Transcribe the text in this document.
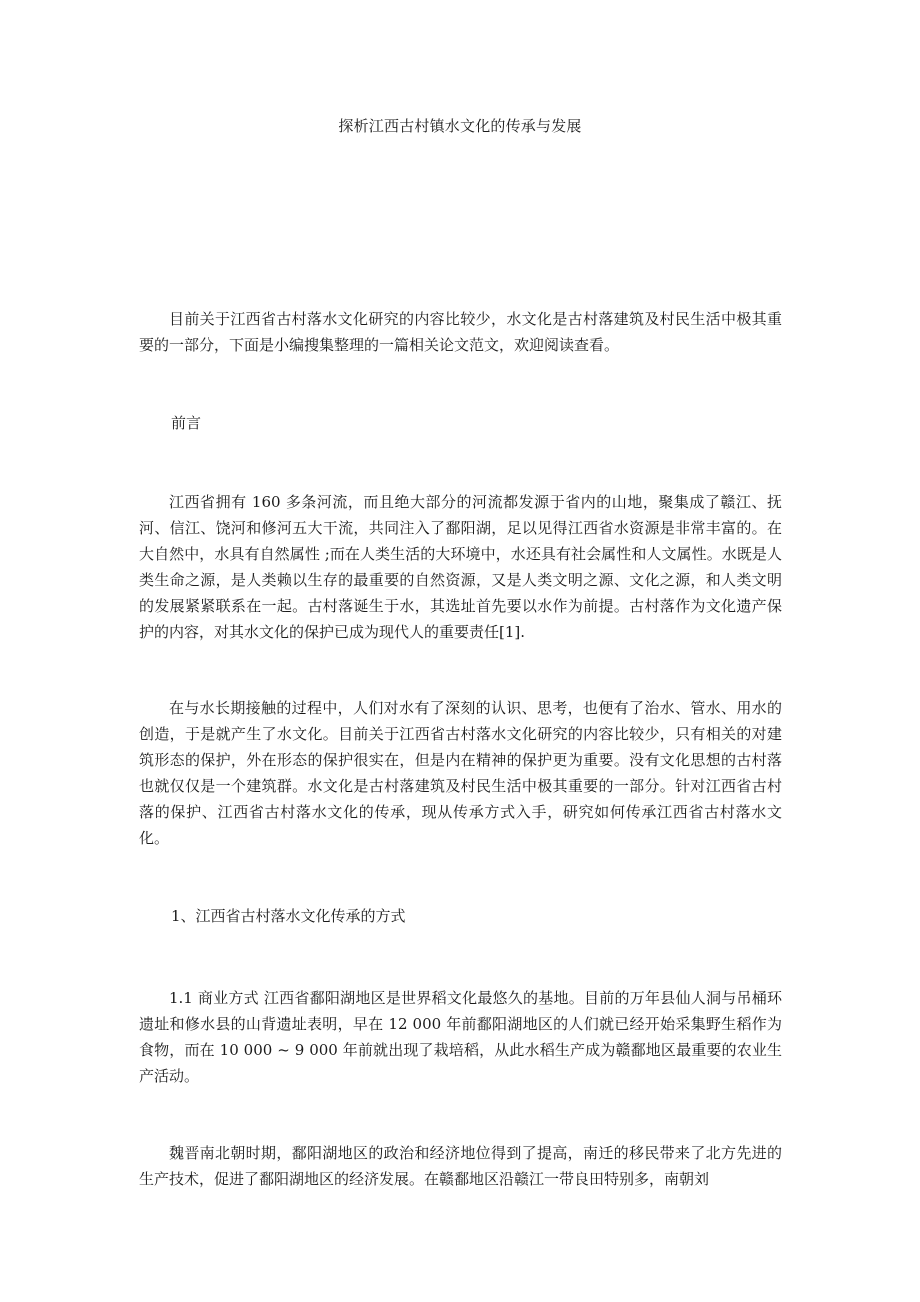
探析江西古村镇水文化的传承与发展

目前关于江西省古村落水文化研究的内容比较少，水文化是古村落建筑及村民生活中极其重要的一部分，下面是小编搜集整理的一篇相关论文范文，欢迎阅读查看。

前言

江西省拥有 160 多条河流，而且绝大部分的河流都发源于省内的山地，聚集成了赣江、抚河、信江、饶河和修河五大干流，共同注入了鄱阳湖，足以见得江西省水资源是非常丰富的。在大自然中，水具有自然属性 ;而在人类生活的大环境中，水还具有社会属性和人文属性。水既是人类生命之源，是人类赖以生存的最重要的自然资源，又是人类文明之源、文化之源，和人类文明的发展紧紧联系在一起。古村落诞生于水，其选址首先要以水作为前提。古村落作为文化遗产保护的内容，对其水文化的保护已成为现代人的重要责任[1].

在与水长期接触的过程中，人们对水有了深刻的认识、思考，也便有了治水、管水、用水的创造，于是就产生了水文化。目前关于江西省古村落水文化研究的内容比较少，只有相关的对建筑形态的保护，外在形态的保护很实在，但是内在精神的保护更为重要。没有文化思想的古村落也就仅仅是一个建筑群。水文化是古村落建筑及村民生活中极其重要的一部分。针对江西省古村落的保护、江西省古村落水文化的传承，现从传承方式入手，研究如何传承江西省古村落水文化。

1、江西省古村落水文化传承的方式

1.1 商业方式 江西省鄱阳湖地区是世界稻文化最悠久的基地。目前的万年县仙人洞与吊桶环遗址和修水县的山背遗址表明，早在 12 000 年前鄱阳湖地区的人们就已经开始采集野生稻作为食物，而在 10 000 ~ 9 000 年前就出现了栽培稻，从此水稻生产成为赣鄱地区最重要的农业生产活动。

魏晋南北朝时期，鄱阳湖地区的政治和经济地位得到了提高，南迁的移民带来了北方先进的生产技术，促进了鄱阳湖地区的经济发展。在赣鄱地区沿赣江一带良田特别多，南朝刘
